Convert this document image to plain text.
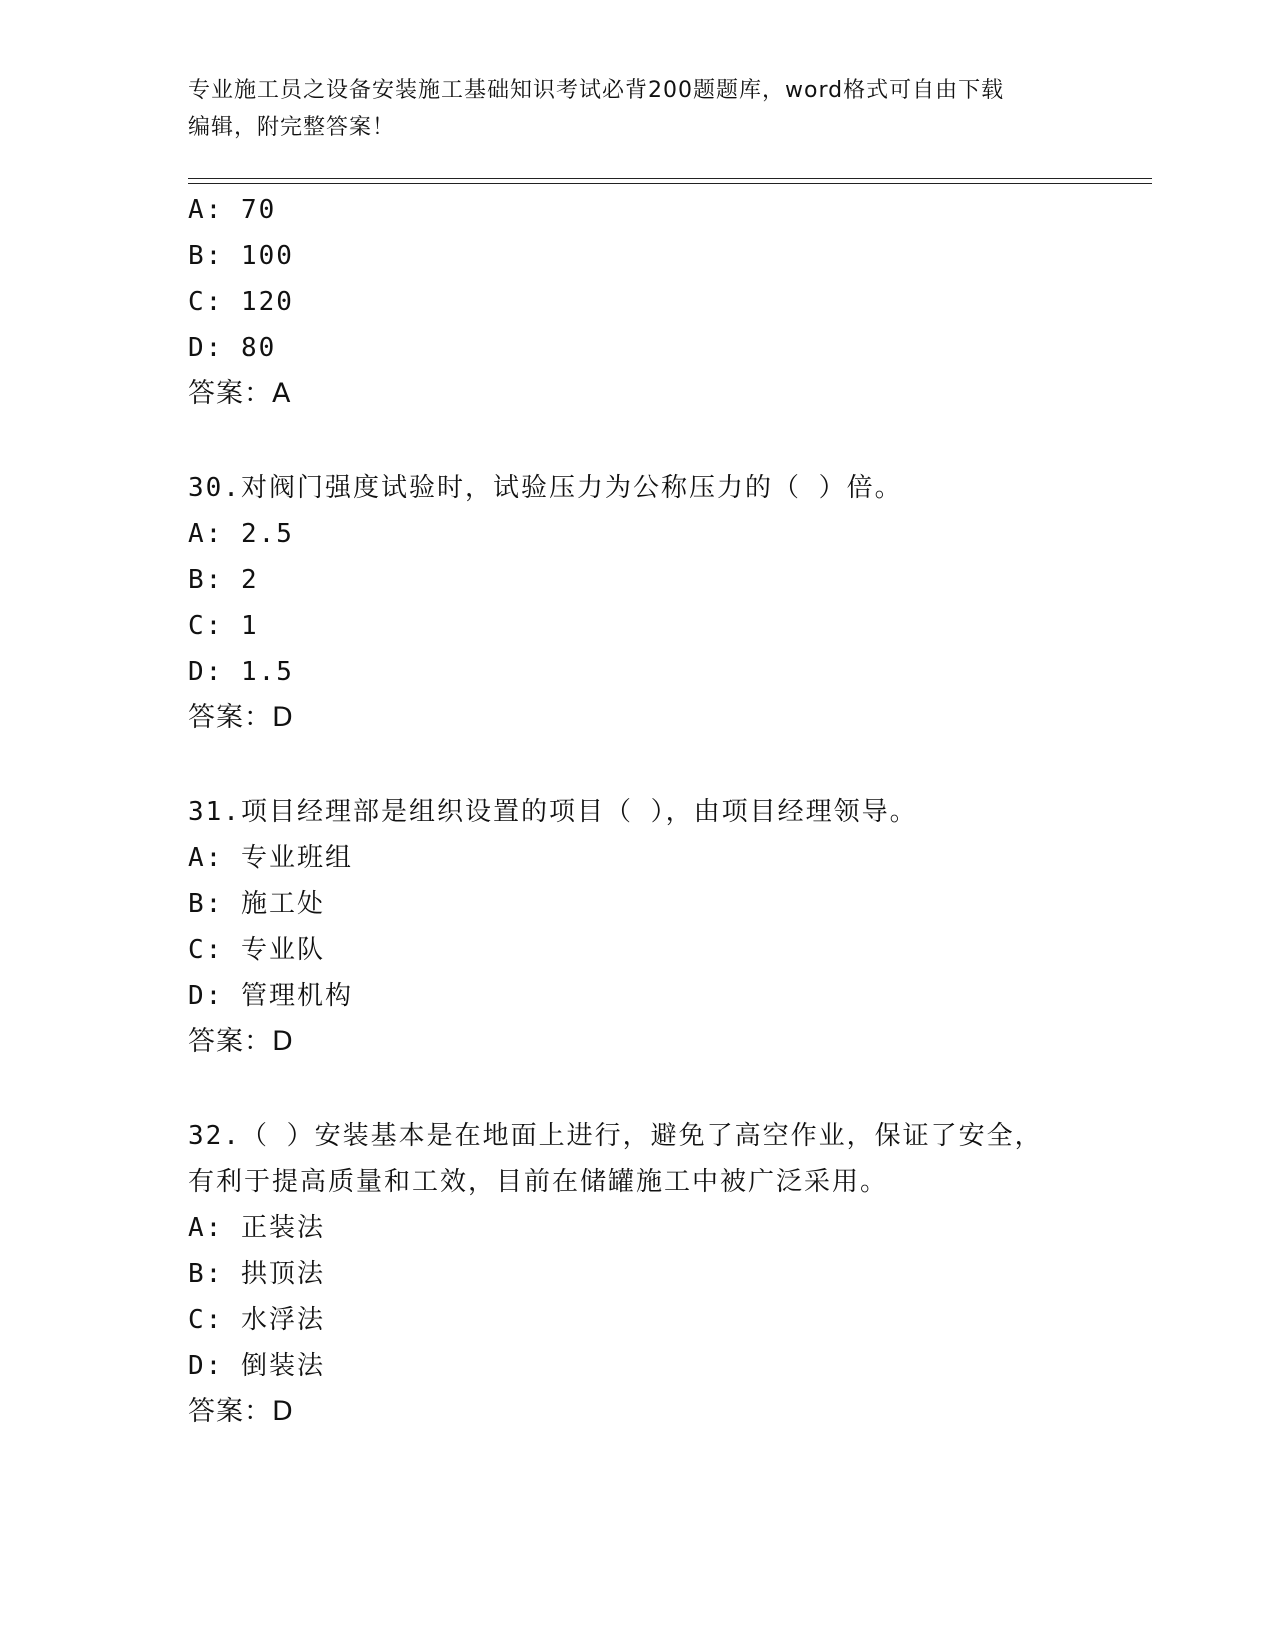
专业施工员之设备安装施工基础知识考试必背200题题库，word格式可自由下载
编辑，附完整答案！
A: 70
B: 100
C: 120
D: 80
答案：A
30.对阀门强度试验时，试验压力为公称压力的（ ）倍。
A: 2.5
B: 2
C: 1
D: 1.5
答案：D
31.项目经理部是组织设置的项目（ ），由项目经理领导。
A: 专业班组
B: 施工处
C: 专业队
D: 管理机构
答案：D
32.（ ）安装基本是在地面上进行，避免了高空作业，保证了安全，
有利于提高质量和工效，目前在储罐施工中被广泛采用。
A: 正装法
B: 拱顶法
C: 水浮法
D: 倒装法
答案：D
